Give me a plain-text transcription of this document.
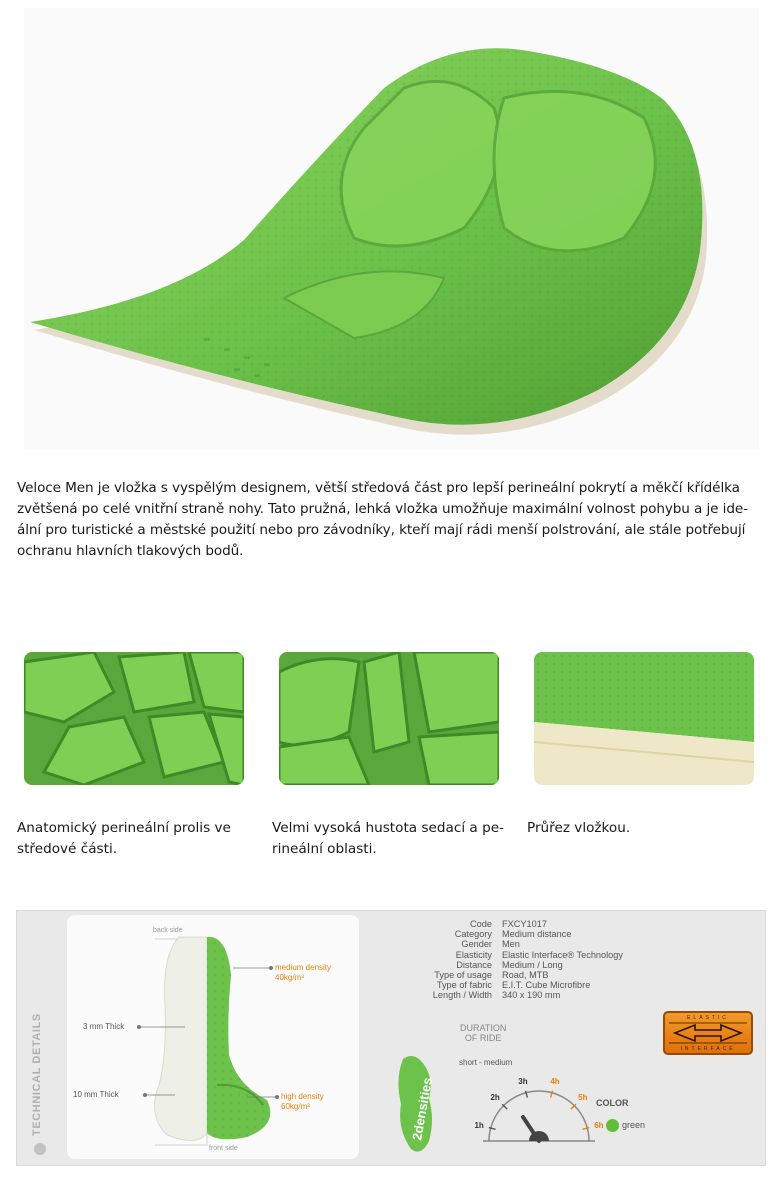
Veloce Men je vložka s vyspělým designem, větší středová část pro lepší perineální pokrytí a měkčí křídélka

zvětšená po celé vnitřní straně nohy. Tato pružná, lehká vložka umožňuje maximální volnost pohybu a je ide-

ální pro turistické a městské použití nebo pro závodníky, kteří mají rádi menší polstrování, ale stále potřebují

ochranu hlavních tlakových bodů.

Anatomický perineální prolis ve
středové části.
Velmi vysoká hustota sedací a pe-
rineální oblasti.
Průřez vložkou.
TECHNICAL DETAILS
back side
front side
3 mm Thick
10 mm Thick
medium density
40kg/m³
high density
60kg/m³
Code	FXCY1017
Category	Medium distance
Gender	Men
Elasticity	Elastic Interface® Technology
Distance	Medium / Long
Type of usage	Road, MTB
Type of fabric	E.I.T. Cube Microfibre
Length / Width	340 x 190 mm
ELASTIC
INTERFACE
DURATION
OF RIDE
2densities
short - medium
1h
2h
3h	4h
5h
6h
COLOR
green
